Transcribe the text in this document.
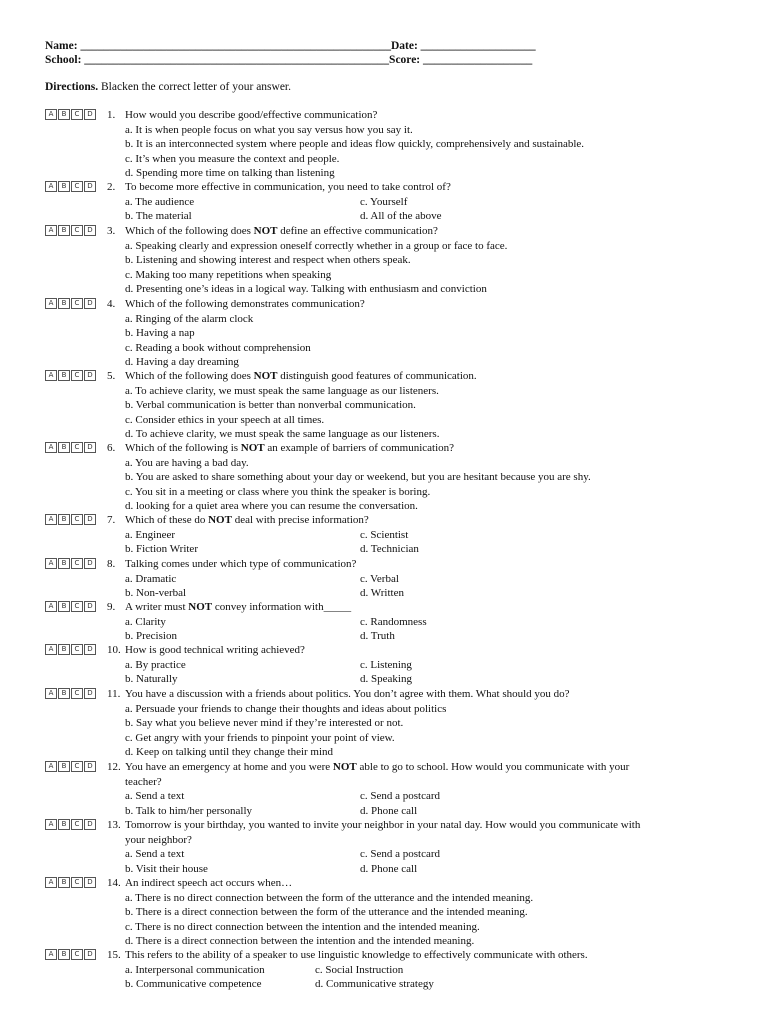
Name: ______________________________________________________Date: ____________________
School: _____________________________________________________Score: ___________________
Directions. Blacken the correct letter of your answer.
A	B	C	D	1. How would you describe good/effective communication?
a. It is when people focus on what you say versus how you say it.
b. It is an interconnected system where people and ideas flow quickly, comprehensively and sustainable.
c. It’s when you measure the context and people.
d. Spending more time on talking than listening
A	B	C	D	2. To become more effective in communication, you need to take control of?
a. The audience	c. Yourself
b. The material	d. All of the above
A	B	C	D	3. Which of the following does NOT define an effective communication?
a. Speaking clearly and expression oneself correctly whether in a group or face to face.
b. Listening and showing interest and respect when others speak.
c. Making too many repetitions when speaking
d. Presenting one’s ideas in a logical way. Talking with enthusiasm and conviction
A	B	C	D	4. Which of the following demonstrates communication?
a. Ringing of the alarm clock
b. Having a nap
c. Reading a book without comprehension
d. Having a day dreaming
A	B	C	D	5. Which of the following does NOT distinguish good features of communication.
a. To achieve clarity, we must speak the same language as our listeners.
b. Verbal communication is better than nonverbal communication.
c. Consider ethics in your speech at all times.
d. To achieve clarity, we must speak the same language as our listeners.
A	B	C	D	6. Which of the following is NOT an example of barriers of communication?
a. You are having a bad day.
b. You are asked to share something about your day or weekend, but you are hesitant because you are shy.
c. You sit in a meeting or class where you think the speaker is boring.
d. looking for a quiet area where you can resume the conversation.
A	B	C	D	7. Which of these do NOT deal with precise information?
a. Engineer	c. Scientist
b. Fiction Writer	d. Technician
A	B	C	D	8. Talking comes under which type of communication?
a. Dramatic	c. Verbal
b. Non-verbal	d. Written
A	B	C	D	9. A writer must NOT convey information with_____
a. Clarity	c. Randomness
b. Precision	d. Truth
A	B	C	D	10. How is good technical writing achieved?
a. By practice	c. Listening
b. Naturally	d. Speaking
A	B	C	D	11. You have a discussion with a friends about politics. You don’t agree with them. What should you do?
a. Persuade your friends to change their thoughts and ideas about politics
b. Say what you believe never mind if they’re interested or not.
c. Get angry with your friends to pinpoint your point of view.
d. Keep on talking until they change their mind
A	B	C	D	12. You have an emergency at home and you were NOT able to go to school. How would you communicate with your
teacher?
a. Send a text	c. Send a postcard
b. Talk to him/her personally	d. Phone call
A	B	C	D	13. Tomorrow is your birthday, you wanted to invite your neighbor in your natal day. How would you communicate with
your neighbor?
a. Send a text	c. Send a postcard
b. Visit their house	d. Phone call
A	B	C	D	14. An indirect speech act occurs when…
a. There is no direct connection between the form of the utterance and the intended meaning.
b. There is a direct connection between the form of the utterance and the intended meaning.
c. There is no direct connection between the intention and the intended meaning.
d. There is a direct connection between the intention and the intended meaning.
A	B	C	D	15. This refers to the ability of a speaker to use linguistic knowledge to effectively communicate with others.
a. Interpersonal communication	c. Social Instruction
b. Communicative competence	d. Communicative strategy
